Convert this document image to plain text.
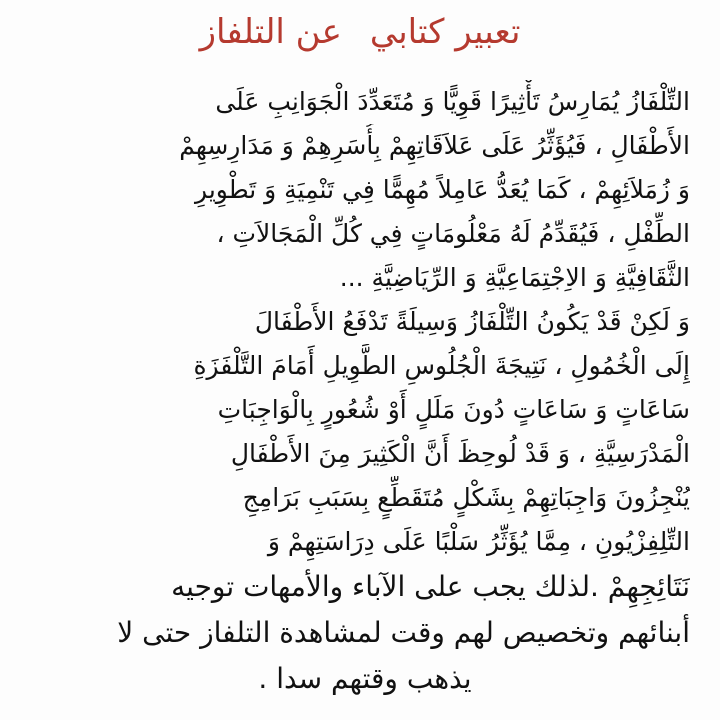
تعبير كتابيعن التلفاز
التِّلْفَازُ يُمَارِسُ تَأْثِيرًا قَوِيًّا وَ مُتَعَدِّدَ الْجَوَانِبِ عَلَى
الأَطْفَالِ ، فَيُؤَثِّرُ عَلَى عَلاَقَاتِهِمْ بِأُسَرِهِمْ وَ مَدَارِسِهِمْ
وَ زُمَلاَئِهِمْ ، كَمَا يُعَدُّ عَامِلاً مُهِمًّا فِي تَنْمِيَةِ وَ تَطْوِيرِ
الطِّفْلِ ، فَيُقَدِّمُ لَهُ مَعْلُومَاتٍ فِي كُلِّ الْمَجَالاَتِ ،
الثَّقَافِيَّةِ وَ الاِجْتِمَاعِيَّةِ وَ الرِّيَاضِيَّةِ ...
وَ لَكِنْ قَدْ يَكُونُ التِّلْفَازُ وَسِيلَةً تَدْفَعُ الأَطْفَالَ
إِلَى الْخُمُولِ ، نَتِيجَةَ الْجُلُوسِ الطَّوِيلِ أَمَامَ التَّلْفَزَةِ
سَاعَاتٍ وَ سَاعَاتٍ دُونَ مَلَلٍ أَوْ شُعُورٍ بِالْوَاجِبَاتِ
الْمَدْرَسِيَّةِ ، وَ قَدْ لُوحِظَ أَنَّ الْكَثِيرَ مِنَ الأَطْفَالِ
يُنْجِزُونَ وَاجِبَاتِهِمْ بِشَكْلٍ مُتَقَطِّعٍ بِسَبَبِ بَرَامِجِ
التِّلِفِزْيُونِ ، مِمَّا يُؤَثِّرُ سَلْبًا عَلَى دِرَاسَتِهِمْ وَ
نَتَائِجِهِمْ .لذلك يجب على الآباء والأمهات توجيه
أبنائهم وتخصيص لهم وقت لمشاهدة التلفاز حتى لا
يذهب وقتهم سدا .
